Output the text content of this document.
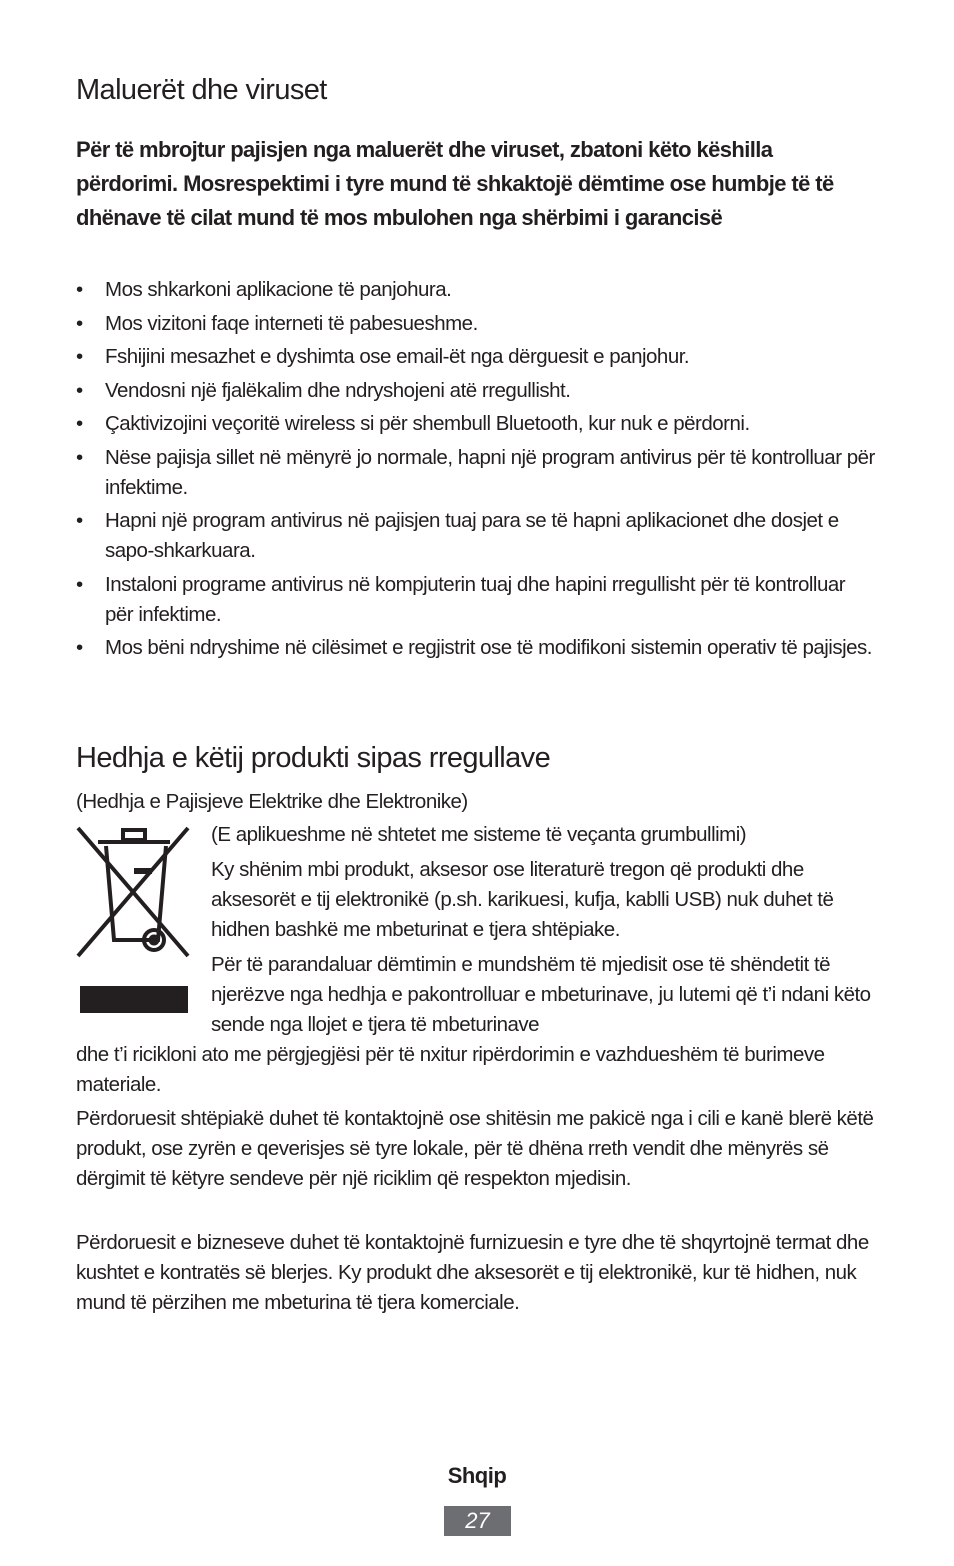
Maluerët dhe viruset
Për të mbrojtur pajisjen nga maluerët dhe viruset, zbatoni këto këshilla përdorimi. Mosrespektimi i tyre mund të shkaktojë dëmtime ose humbje të të dhënave të cilat mund të mos mbulohen nga shërbimi i garancisë
• Mos shkarkoni aplikacione të panjohura.
• Mos vizitoni faqe interneti të pabesueshme.
• Fshijini mesazhet e dyshimta ose email-ët nga dërguesit e panjohur.
• Vendosni një fjalëkalim dhe ndryshojeni atë rregullisht.
• Çaktivizojini veçoritë wireless si për shembull Bluetooth, kur nuk e përdorni.
• Nëse pajisja sillet në mënyrë jo normale, hapni një program antivirus për të kontrolluar për infektime.
• Hapni një program antivirus në pajisjen tuaj para se të hapni aplikacionet dhe dosjet e sapo-shkarkuara.
• Instaloni programe antivirus në kompjuterin tuaj dhe hapini rregullisht për të kontrolluar për infektime.
• Mos bëni ndryshime në cilësimet e regjistrit ose të modifikoni sistemin operativ të pajisjes.
Hedhja e këtij produkti sipas rregullave
(Hedhja e Pajisjeve Elektrike dhe Elektronike)
(E aplikueshme në shtetet me sisteme të veçanta grumbullimi)
Ky shënim mbi produkt, aksesor ose literaturë tregon që produkti dhe aksesorët e tij elektronikë (p.sh. karikuesi, kufja, kablli USB) nuk duhet të hidhen bashkë me mbeturinat e tjera shtëpiake.
Për të parandaluar dëmtimin e mundshëm të mjedisit ose të shëndetit të njerëzve nga hedhja e pakontrolluar e mbeturinave, ju lutemi që t’i ndani këto sende nga llojet e tjera të mbeturinave
dhe t’i ricikloni ato me përgjegjësi për të nxitur ripërdorimin e vazhdueshëm të burimeve materiale.
Përdoruesit shtëpiakë duhet të kontaktojnë ose shitësin me pakicë nga i cili e kanë blerë këtë produkt, ose zyrën e qeverisjes së tyre lokale, për të dhëna rreth vendit dhe mënyrës së dërgimit të këtyre sendeve për një riciklim që respekton mjedisin.
Përdoruesit e bizneseve duhet të kontaktojnë furnizuesin e tyre dhe të shqyrtojnë termat dhe kushtet e kontratës së blerjes. Ky produkt dhe aksesorët e tij elektronikë, kur të hidhen, nuk mund të përzihen me mbeturina të tjera komerciale.
Shqip
27
